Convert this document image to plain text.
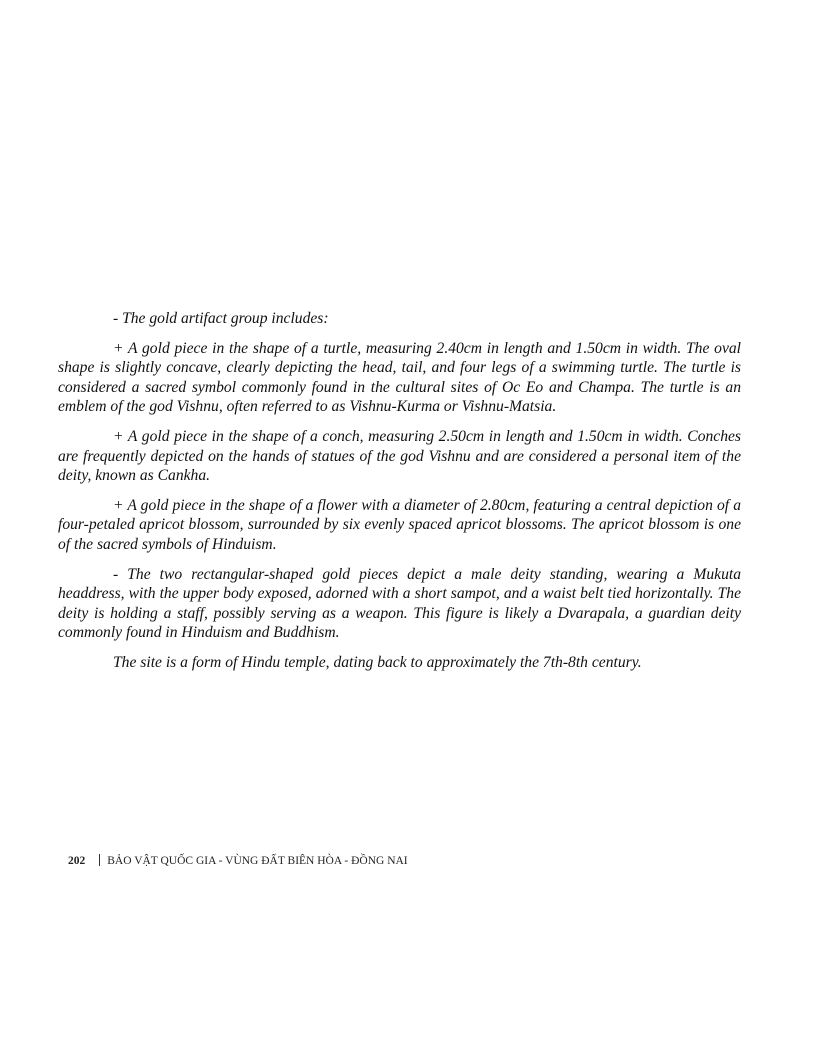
- The gold artifact group includes:

+ A gold piece in the shape of a turtle, measuring 2.40cm in length and 1.50cm in width. The oval shape is slightly concave, clearly depicting the head, tail, and four legs of a swimming turtle. The turtle is considered a sacred symbol commonly found in the cultural sites of Oc Eo and Champa. The turtle is an emblem of the god Vishnu, often referred to as Vishnu-Kurma or Vishnu-Matsia.

+ A gold piece in the shape of a conch, measuring 2.50cm in length and 1.50cm in width. Conches are frequently depicted on the hands of statues of the god Vishnu and are considered a personal item of the deity, known as Cankha.

+ A gold piece in the shape of a flower with a diameter of 2.80cm, featuring a central depiction of a four-petaled apricot blossom, surrounded by six evenly spaced apricot blossoms. The apricot blossom is one of the sacred symbols of Hinduism.

- The two rectangular-shaped gold pieces depict a male deity standing, wearing a Mukuta headdress, with the upper body exposed, adorned with a short sampot, and a waist belt tied horizontally. The deity is holding a staff, possibly serving as a weapon. This figure is likely a Dvarapala, a guardian deity commonly found in Hinduism and Buddhism.

The site is a form of Hindu temple, dating back to approximately the 7th-8th century.

202 BẢO VẬT QUỐC GIA - VÙNG ĐẤT BIÊN HÒA - ĐỒNG NAI
